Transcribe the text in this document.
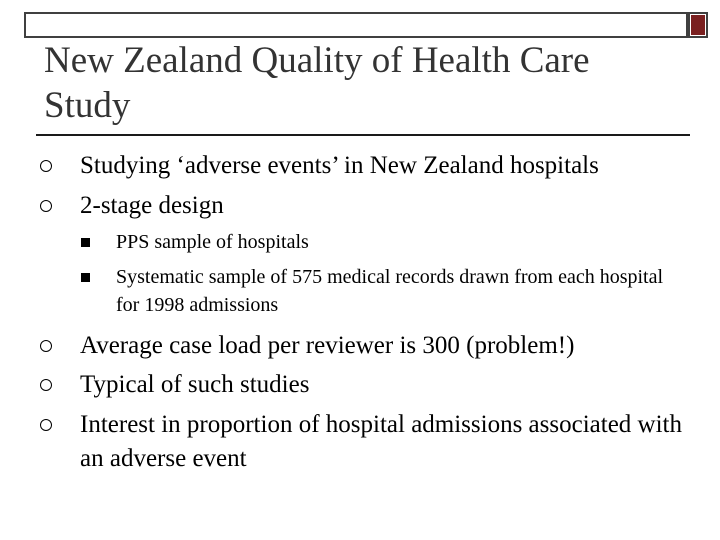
New Zealand Quality of Health Care Study
Studying ‘adverse events’ in New Zealand hospitals
2-stage design
PPS sample of hospitals
Systematic sample of 575 medical records drawn from each hospital for 1998 admissions
Average case load per reviewer is 300 (problem!)
Typical of such studies
Interest in proportion of hospital admissions associated with an adverse event
